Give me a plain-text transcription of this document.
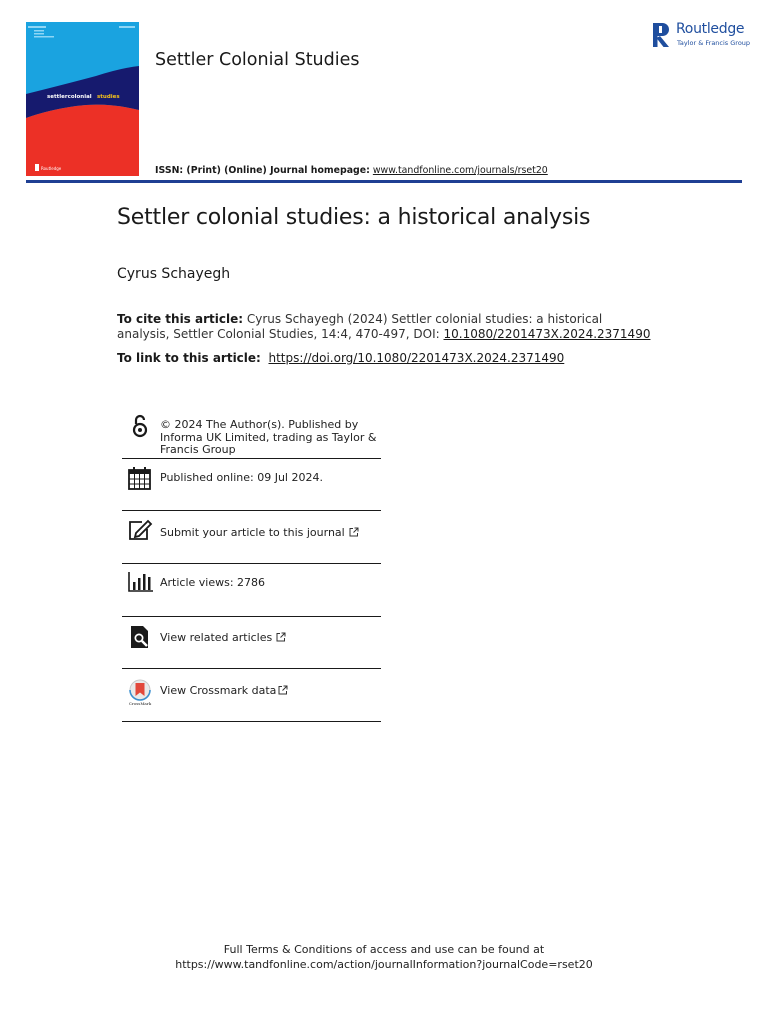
settlercolonial studies
Routledge
Settler Colonial Studies
Routledge
Taylor & Francis Group
ISSN: (Print) (Online) Journal homepage: www.tandfonline.com/journals/rset20
Settler colonial studies: a historical analysis
Cyrus Schayegh
To cite this article: Cyrus Schayegh (2024) Settler colonial studies: a historical analysis, Settler Colonial Studies, 14:4, 470-497, DOI: 10.1080/2201473X.2024.2371490
To link to this article: https://doi.org/10.1080/2201473X.2024.2371490
© 2024 The Author(s). Published by Informa UK Limited, trading as Taylor & Francis Group
Published online: 09 Jul 2024.
Submit your article to this journal
Article views: 2786
View related articles
CrossMark
View Crossmark data
Full Terms & Conditions of access and use can be found at
https://www.tandfonline.com/action/journalInformation?journalCode=rset20
